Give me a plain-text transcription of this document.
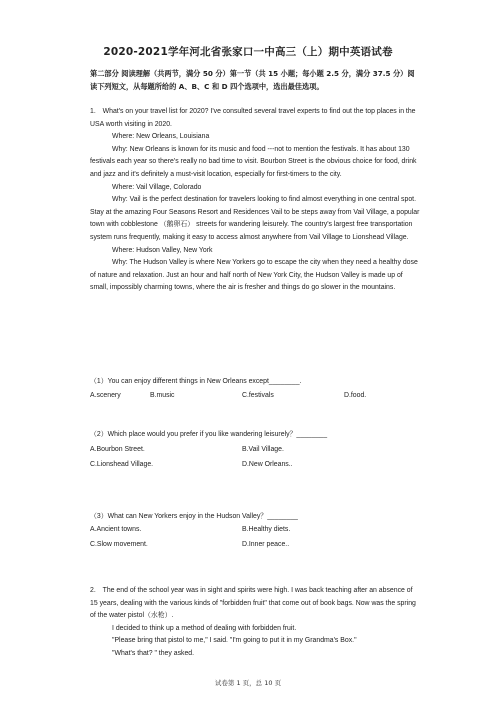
2020-2021学年河北省张家口一中高三（上）期中英语试卷
第二部分 阅读理解（共两节，满分 50 分）第一节（共 15 小题；每小题 2.5 分，满分 37.5 分）阅读下列短文，从每题所给的 A、B、C 和 D 四个选项中，选出最佳选项。

1.　What's on your travel list for 2020? I've consulted several travel experts to find out the top places in the USA worth visiting in 2020.

Where: New Orleans, Louisiana

Why: New Orleans is known for its music and food ---not to mention the festivals. It has about 130 festivals each year so there's really no bad time to visit. Bourbon Street is the obvious choice for food, drink and jazz and it's definitely a must-visit location, especially for first-timers to the city.

Where: Vail Village, Colorado

Why: Vail is the perfect destination for travelers looking to find almost everything in one central spot. Stay at the amazing Four Seasons Resort and Residences Vail to be steps away from Vail Village, a popular town with cobblestone （鹅卵石） streets for wandering leisurely. The country's largest free transportation system runs frequently, making it easy to access almost anywhere from Vail Village to Lionshead Village.

Where: Hudson Valley, New York

Why: The Hudson Valley is where New Yorkers go to escape the city when they need a healthy dose of nature and relaxation. Just an hour and half north of New York City, the Hudson Valley is made up of small, impossibly charming towns, where the air is fresher and things do go slower in the mountains.

（1）You can enjoy different things in New Orleans except________.
A.scenery	B.music	C.festivals	D.food.
（2）Which place would you prefer if you like wandering leisurely？________
A.Bourbon Street.	B.Vail Village.
C.Lionshead Village.	D.New Orleans..
（3）What can New Yorkers enjoy in the Hudson Valley？________
A.Ancient towns.	B.Healthy diets.
C.Slow movement.	D.Inner peace..

2.　The end of the school year was in sight and spirits were high. I was back teaching after an absence of 15 years, dealing with the various kinds of "forbidden fruit" that come out of book bags. Now was the spring of the water pistol（水枪）.

I decided to think up a method of dealing with forbidden fruit.

"Please bring that pistol to me," I said. "I'm going to put it in my Grandma's Box."

"What's that? " they asked.

试卷第 1 页，总 10 页
